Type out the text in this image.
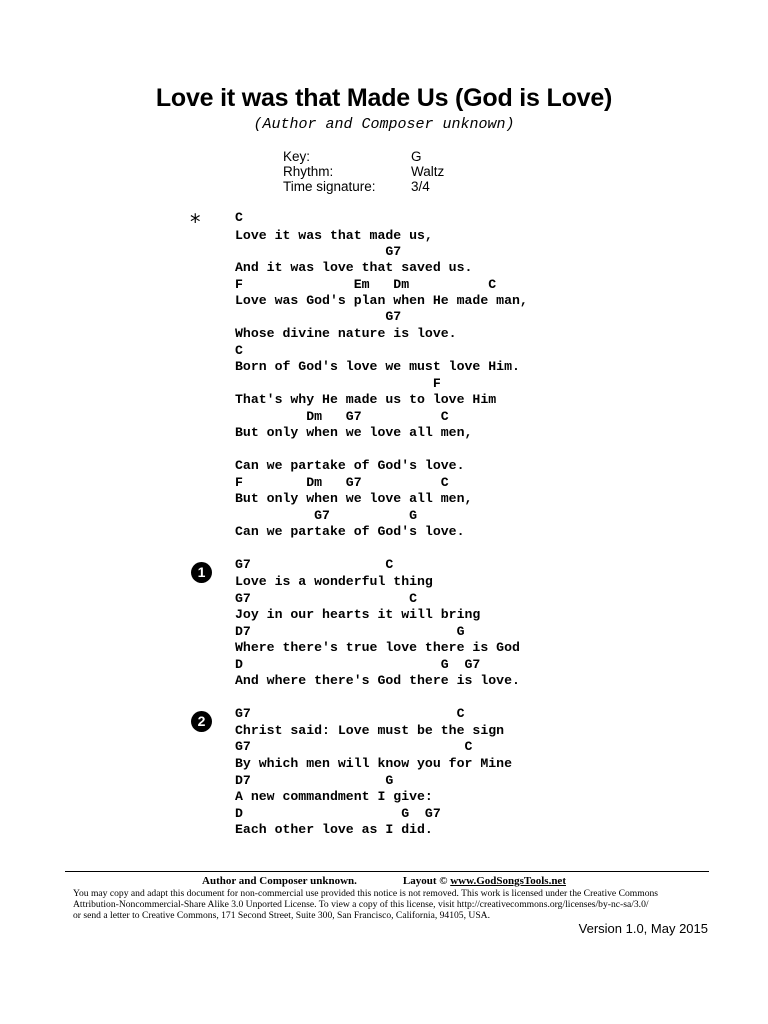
Love it was that Made Us (God is Love)
(Author and Composer unknown)
Key:	G
Rhythm:	Waltz
Time signature:	3/4
*
1
2
C
Love it was that made us,
G7
And it was love that saved us.
F              Em   Dm          C
Love was God's plan when He made man,
G7
Whose divine nature is love.
C
Born of God's love we must love Him.
F
That's why He made us to love Him
Dm   G7          C
But only when we love all men,
Can we partake of God's love.
F        Dm   G7          C
But only when we love all men,
G7          G
Can we partake of God's love.
G7                 C
Love is a wonderful thing
G7                    C
Joy in our hearts it will bring
D7                          G
Where there's true love there is God
D                         G  G7
And where there's God there is love.
G7                          C
Christ said: Love must be the sign
G7                           C
By which men will know you for Mine
D7                 G
A new commandment I give:
D                    G  G7
Each other love as I did.
Author and Composer unknown.	Layout © www.GodSongsTools.net
You may copy and adapt this document for non-commercial use provided this notice is not removed. This work is licensed under the Creative Commons
Attribution-Noncommercial-Share Alike 3.0 Unported License. To view a copy of this license, visit http://creativecommons.org/licenses/by-nc-sa/3.0/
or send a letter to Creative Commons, 171 Second Street, Suite 300, San Francisco, California, 94105, USA.
Version 1.0, May 2015
